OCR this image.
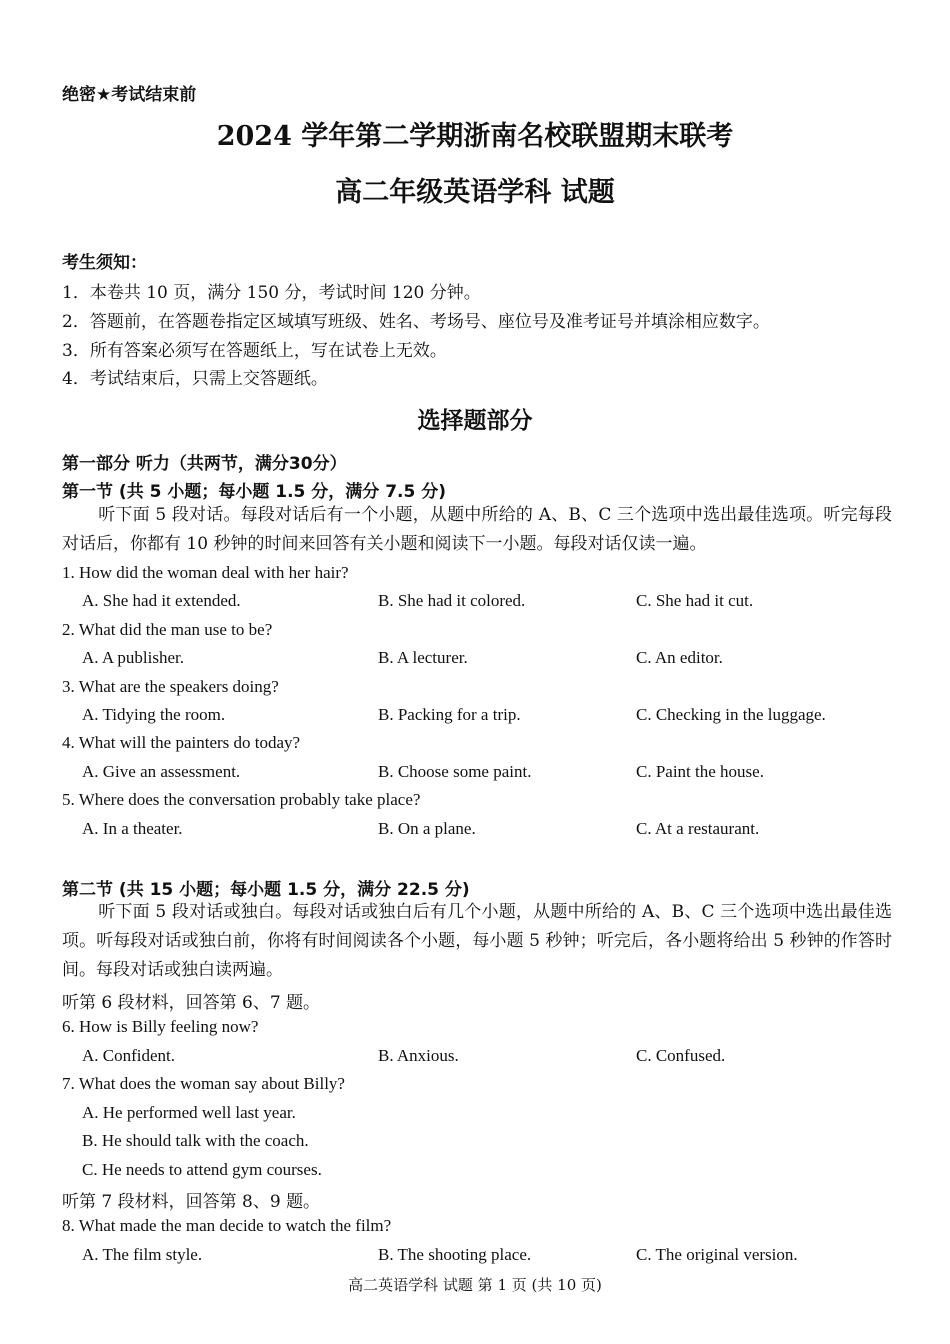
绝密★考试结束前
2024 学年第二学期浙南名校联盟期末联考
高二年级英语学科 试题
考生须知：
1．本卷共 10 页，满分 150 分，考试时间 120 分钟。
2．答题前，在答题卷指定区域填写班级、姓名、考场号、座位号及准考证号并填涂相应数字。
3．所有答案必须写在答题纸上，写在试卷上无效。
4．考试结束后，只需上交答题纸。
选择题部分
第一部分 听力（共两节，满分30分）
第一节 (共 5 小题；每小题 1.5 分，满分 7.5 分)
听下面 5 段对话。每段对话后有一个小题，从题中所给的 A、B、C 三个选项中选出最佳选项。听完每段对话后，你都有 10 秒钟的时间来回答有关小题和阅读下一小题。每段对话仅读一遍。
1. How did the woman deal with her hair?
A. She had it extended.	B. She had it colored.	C. She had it cut.
2. What did the man use to be?
A. A publisher.	B. A lecturer.	C. An editor.
3. What are the speakers doing?
A. Tidying the room.	B. Packing for a trip.	C. Checking in the luggage.
4. What will the painters do today?
A. Give an assessment.	B. Choose some paint.	C. Paint the house.
5. Where does the conversation probably take place?
A. In a theater.	B. On a plane.	C. At a restaurant.
第二节 (共 15 小题；每小题 1.5 分，满分 22.5 分)
听下面 5 段对话或独白。每段对话或独白后有几个小题，从题中所给的 A、B、C 三个选项中选出最佳选项。听每段对话或独白前，你将有时间阅读各个小题，每小题 5 秒钟；听完后，各小题将给出 5 秒钟的作答时间。每段对话或独白读两遍。
听第 6 段材料，回答第 6、7 题。
6. How is Billy feeling now?
A. Confident.	B. Anxious.	C. Confused.
7. What does the woman say about Billy?
A. He performed well last year.
B. He should talk with the coach.
C. He needs to attend gym courses.
听第 7 段材料，回答第 8、9 题。
8. What made the man decide to watch the film?
A. The film style.	B. The shooting place.	C. The original version.
高二英语学科 试题 第 1 页 (共 10 页)
